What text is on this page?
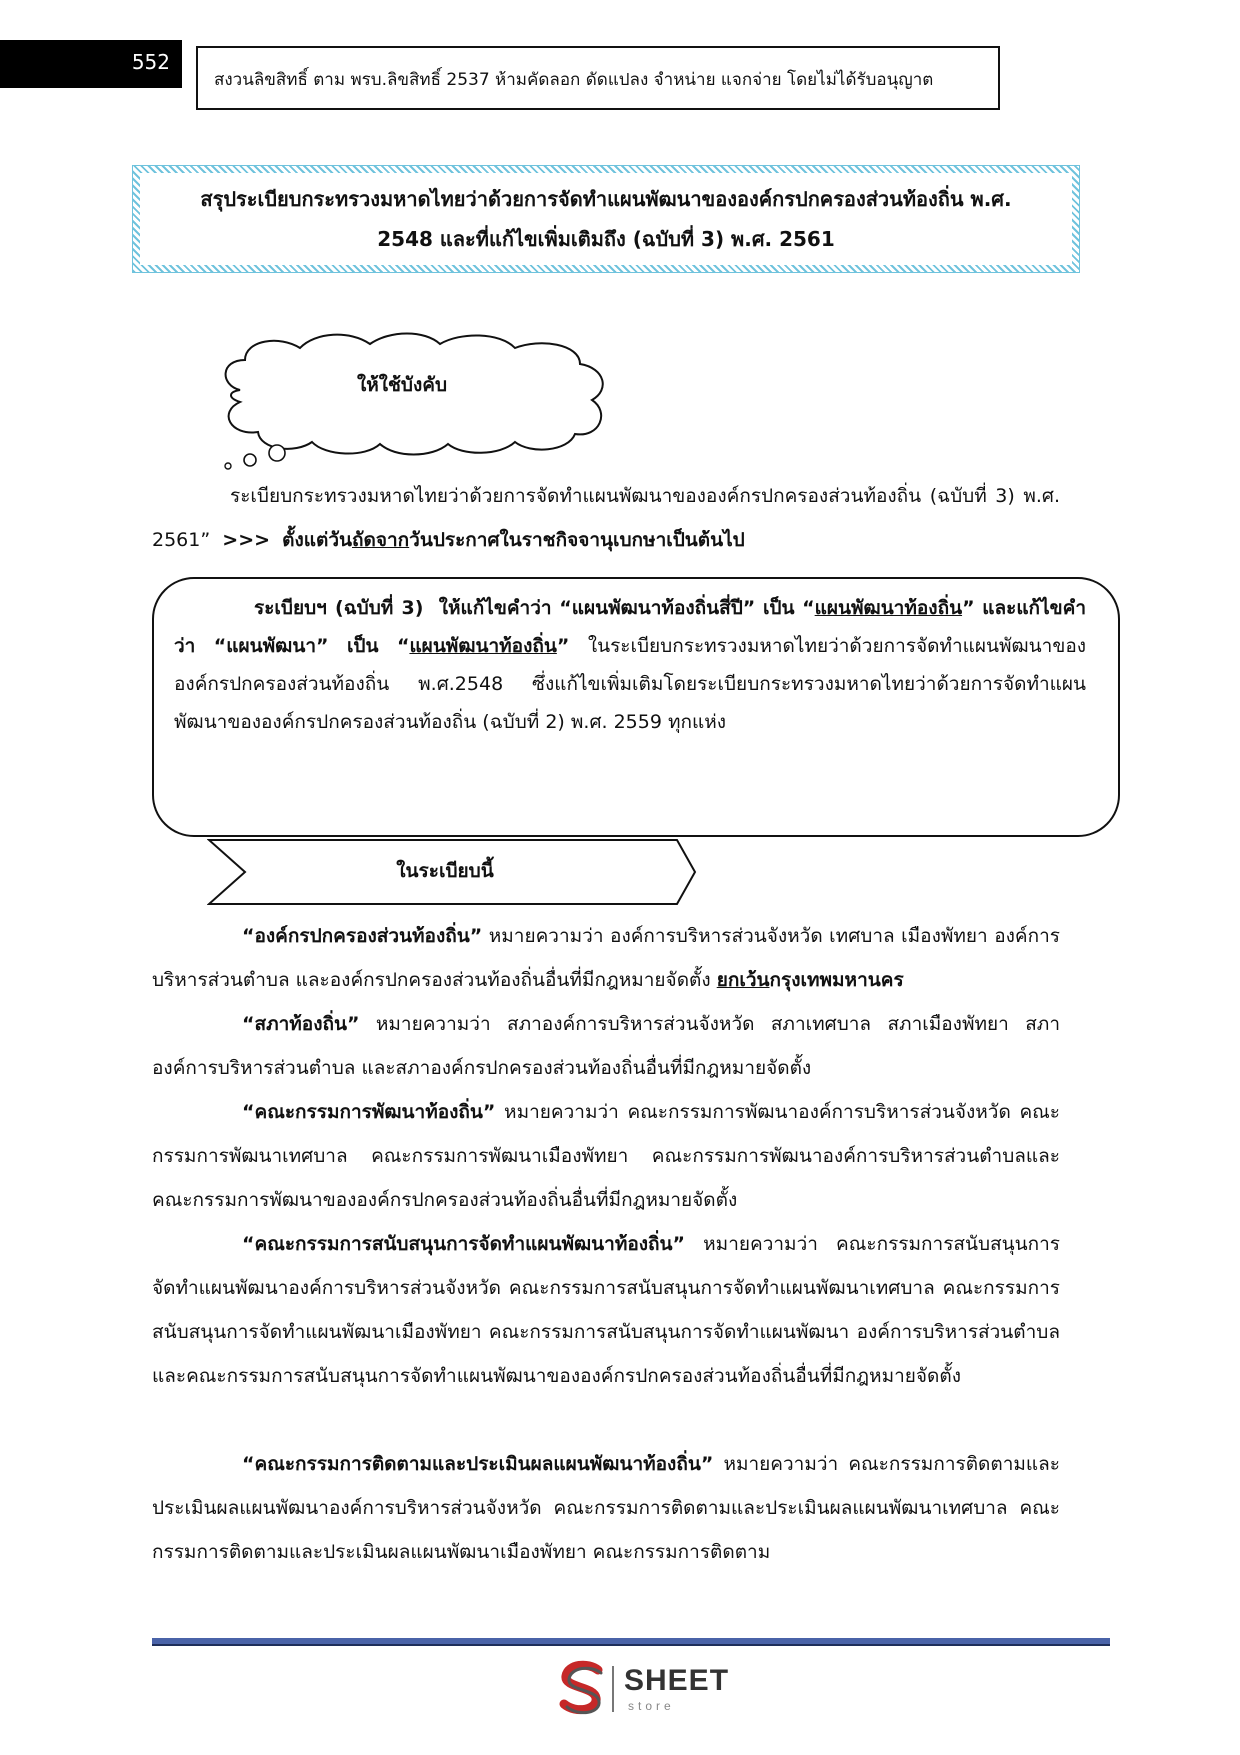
552
สงวนลิขสิทธิ์ ตาม พรบ.ลิขสิทธิ์ 2537 ห้ามคัดลอก ดัดแปลง จำหน่าย แจกจ่าย โดยไม่ได้รับอนุญาต
สรุประเบียบกระทรวงมหาดไทยว่าด้วยการจัดทำแผนพัฒนาขององค์กรปกครองส่วนท้องถิ่น พ.ศ.
2548 และที่แก้ไขเพิ่มเติมถึง (ฉบับที่ 3) พ.ศ. 2561
ให้ใช้บังคับ

ระเบียบกระทรวงมหาดไทยว่าด้วยการจัดทำแผนพัฒนาขององค์กรปกครองส่วนท้องถิ่น (ฉบับที่ 3) พ.ศ. 2561” >>> ตั้งแต่วันถัดจากวันประกาศในราชกิจจานุเบกษาเป็นต้นไป

ระเบียบฯ (ฉบับที่ 3) ให้แก้ไขคำว่า “แผนพัฒนาท้องถิ่นสี่ปี” เป็น “แผนพัฒนาท้องถิ่น” และแก้ไขคำว่า “แผนพัฒนา” เป็น “แผนพัฒนาท้องถิ่น” ในระเบียบกระทรวงมหาดไทยว่าด้วยการจัดทำแผนพัฒนาขององค์กรปกครองส่วนท้องถิ่น พ.ศ.2548 ซึ่งแก้ไขเพิ่มเติมโดยระเบียบกระทรวงมหาดไทยว่าด้วยการจัดทำแผนพัฒนาขององค์กรปกครองส่วนท้องถิ่น (ฉบับที่ 2) พ.ศ. 2559 ทุกแห่ง

ในระเบียบนี้

“องค์กรปกครองส่วนท้องถิ่น” หมายความว่า องค์การบริหารส่วนจังหวัด เทศบาล เมืองพัทยา องค์การบริหารส่วนตำบล และองค์กรปกครองส่วนท้องถิ่นอื่นที่มีกฎหมายจัดตั้ง ยกเว้นกรุงเทพมหานคร

“สภาท้องถิ่น” หมายความว่า สภาองค์การบริหารส่วนจังหวัด สภาเทศบาล สภาเมืองพัทยา สภา องค์การบริหารส่วนตำบล และสภาองค์กรปกครองส่วนท้องถิ่นอื่นที่มีกฎหมายจัดตั้ง

“คณะกรรมการพัฒนาท้องถิ่น” หมายความว่า คณะกรรมการพัฒนาองค์การบริหารส่วนจังหวัด คณะกรรมการพัฒนาเทศบาล คณะกรรมการพัฒนาเมืองพัทยา คณะกรรมการพัฒนาองค์การบริหารส่วนตำบลและคณะกรรมการพัฒนาขององค์กรปกครองส่วนท้องถิ่นอื่นที่มีกฎหมายจัดตั้ง

“คณะกรรมการสนับสนุนการจัดทำแผนพัฒนาท้องถิ่น” หมายความว่า คณะกรรมการสนับสนุนการ จัดทำแผนพัฒนาองค์การบริหารส่วนจังหวัด คณะกรรมการสนับสนุนการจัดทำแผนพัฒนาเทศบาล คณะกรรมการสนับสนุนการจัดทำแผนพัฒนาเมืองพัทยา คณะกรรมการสนับสนุนการจัดทำแผนพัฒนา องค์การบริหารส่วนตำบล และคณะกรรมการสนับสนุนการจัดทำแผนพัฒนาขององค์กรปกครองส่วนท้องถิ่นอื่นที่มีกฎหมายจัดตั้ง

“คณะกรรมการติดตามและประเมินผลแผนพัฒนาท้องถิ่น” หมายความว่า คณะกรรมการติดตามและ ประเมินผลแผนพัฒนาองค์การบริหารส่วนจังหวัด คณะกรรมการติดตามและประเมินผลแผนพัฒนาเทศบาล คณะกรรมการติดตามและประเมินผลแผนพัฒนาเมืองพัทยา คณะกรรมการติดตาม

SHEET
store
